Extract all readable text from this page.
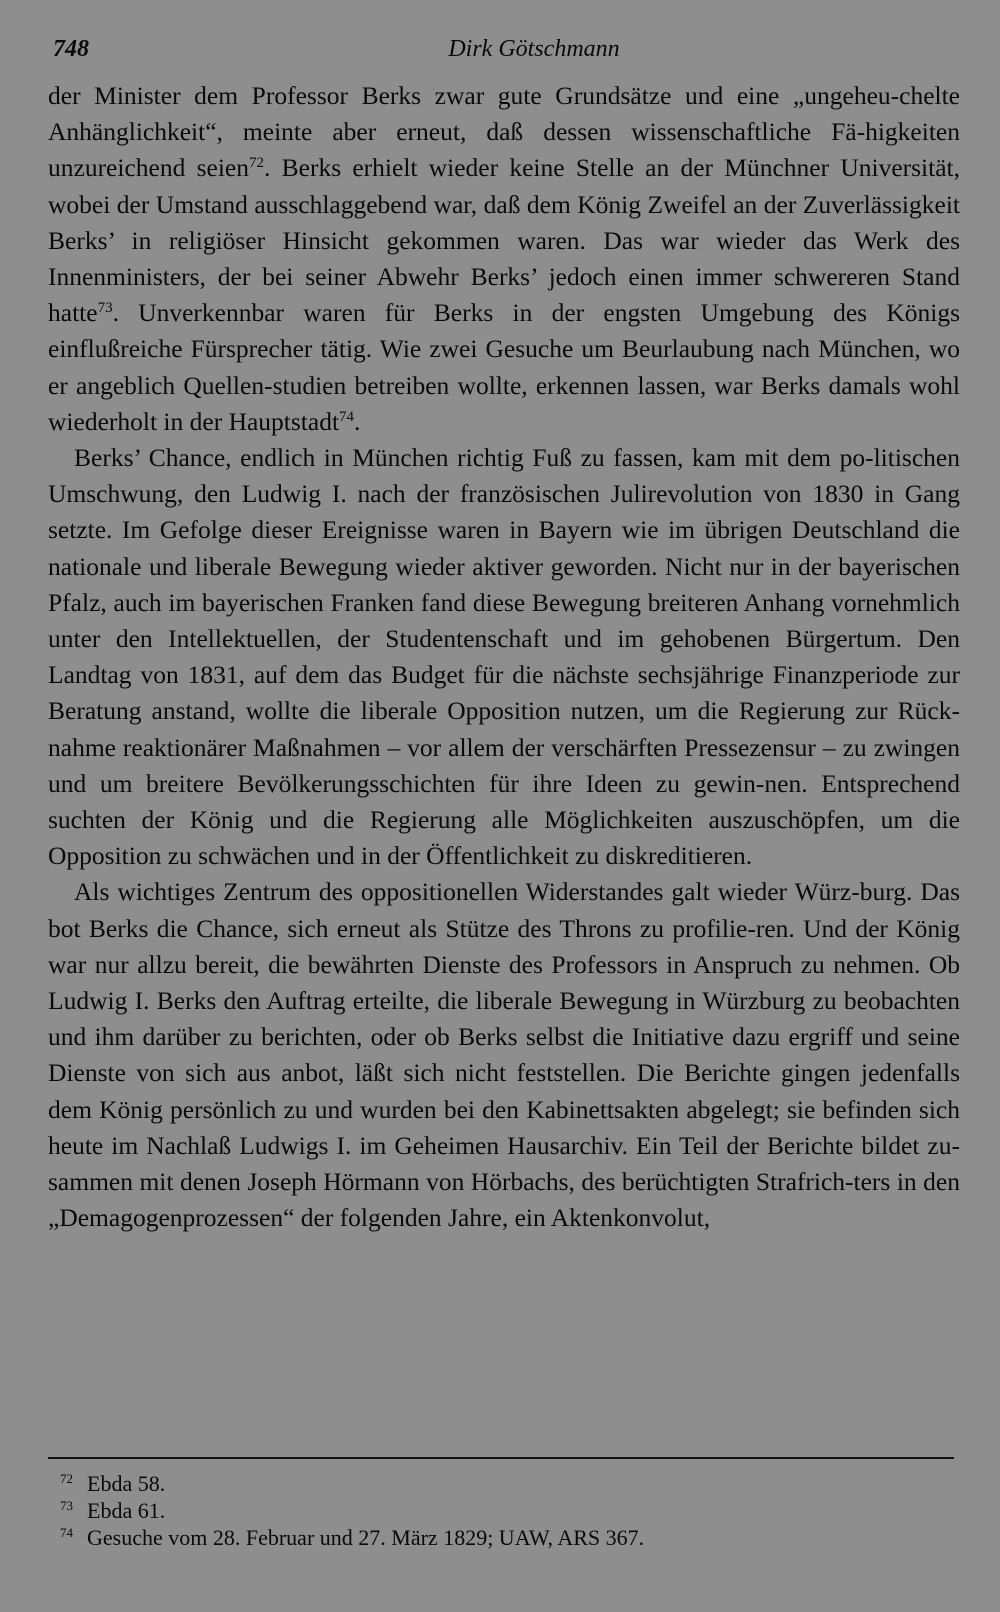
748	Dirk Götschmann

der Minister dem Professor Berks zwar gute Grundsätze und eine „ungeheu-chelte Anhänglichkeit“, meinte aber erneut, daß dessen wissenschaftliche Fä-higkeiten unzureichend seien$^{72}$. Berks erhielt wieder keine Stelle an der Münchner Universität, wobei der Umstand ausschlaggebend war, daß dem König Zweifel an der Zuverlässigkeit Berks’ in religiöser Hinsicht gekommen waren. Das war wieder das Werk des Innenministers, der bei seiner Abwehr Berks’ jedoch einen immer schwereren Stand hatte$^{73}$. Unverkennbar waren für Berks in der engsten Umgebung des Königs einflußreiche Fürsprecher tätig. Wie zwei Gesuche um Beurlaubung nach München, wo er angeblich Quellen-studien betreiben wollte, erkennen lassen, war Berks damals wohl wiederholt in der Hauptstadt$^{74}$.

Berks’ Chance, endlich in München richtig Fuß zu fassen, kam mit dem po-litischen Umschwung, den Ludwig I. nach der französischen Julirevolution von 1830 in Gang setzte. Im Gefolge dieser Ereignisse waren in Bayern wie im übrigen Deutschland die nationale und liberale Bewegung wieder aktiver geworden. Nicht nur in der bayerischen Pfalz, auch im bayerischen Franken fand diese Bewegung breiteren Anhang vornehmlich unter den Intellektuellen, der Studentenschaft und im gehobenen Bürgertum. Den Landtag von 1831, auf dem das Budget für die nächste sechsjährige Finanzperiode zur Beratung anstand, wollte die liberale Opposition nutzen, um die Regierung zur Rück-nahme reaktionärer Maßnahmen – vor allem der verschärften Pressezensur – zu zwingen und um breitere Bevölkerungsschichten für ihre Ideen zu gewin-nen. Entsprechend suchten der König und die Regierung alle Möglichkeiten auszuschöpfen, um die Opposition zu schwächen und in der Öffentlichkeit zu diskreditieren.

Als wichtiges Zentrum des oppositionellen Widerstandes galt wieder Würz-burg. Das bot Berks die Chance, sich erneut als Stütze des Throns zu profilie-ren. Und der König war nur allzu bereit, die bewährten Dienste des Professors in Anspruch zu nehmen. Ob Ludwig I. Berks den Auftrag erteilte, die liberale Bewegung in Würzburg zu beobachten und ihm darüber zu berichten, oder ob Berks selbst die Initiative dazu ergriff und seine Dienste von sich aus anbot, läßt sich nicht feststellen. Die Berichte gingen jedenfalls dem König persönlich zu und wurden bei den Kabinettsakten abgelegt; sie befinden sich heute im Nachlaß Ludwigs I. im Geheimen Hausarchiv. Ein Teil der Berichte bildet zu-sammen mit denen Joseph Hörmann von Hörbachs, des berüchtigten Strafrich-ters in den „Demagogenprozessen“ der folgenden Jahre, ein Aktenkonvolut,

72 Ebda 58.
73 Ebda 61.
74 Gesuche vom 28. Februar und 27. März 1829; UAW, ARS 367.
